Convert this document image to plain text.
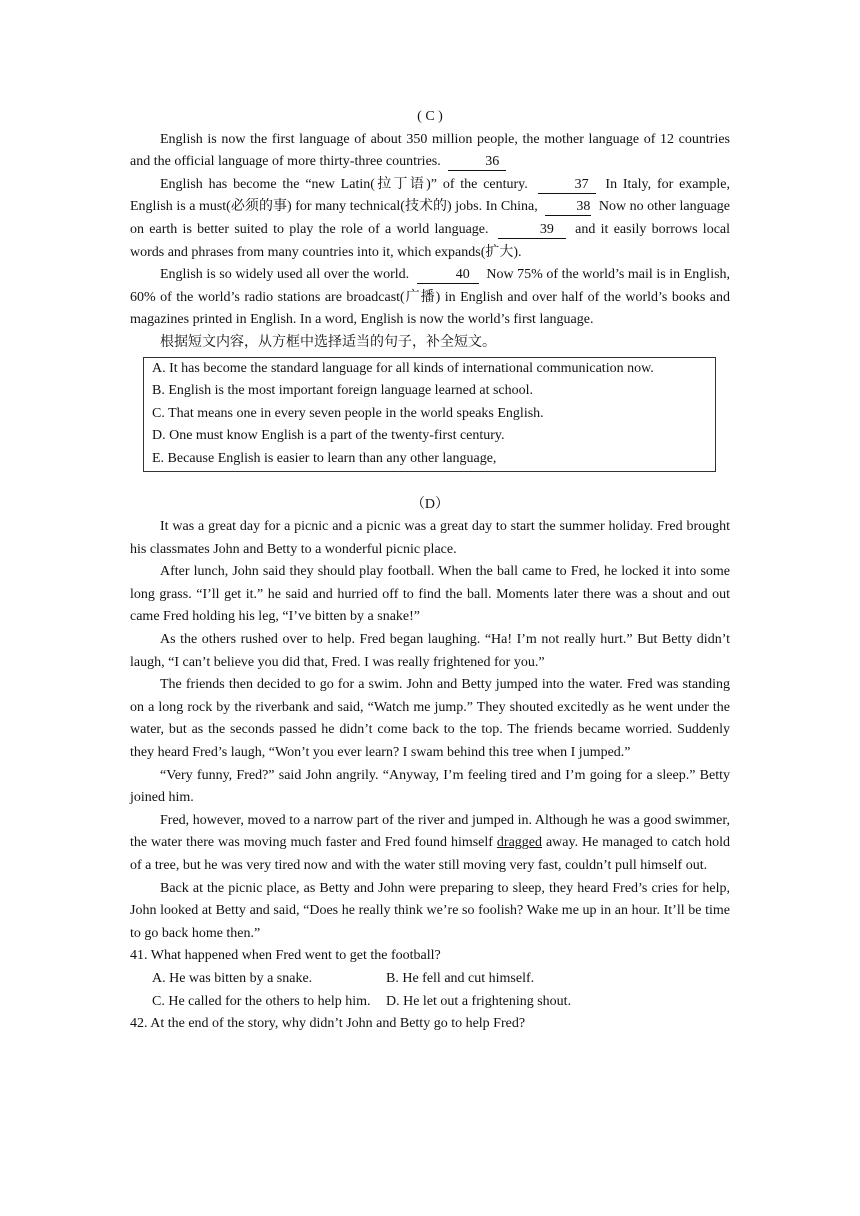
( C )

English is now the first language of about 350 million people, the mother language of 12 countries and the official language of more thirty-three countries.	36

English has become the “new Latin(拉丁语)” of the century.	37 In Italy, for example, English is a must(必须的事) for many technical(技术的) jobs. In China,	38 Now no other language on earth is better suited to play the role of a world language.	39 and it easily borrows local words and phrases from many countries into it, which expands(扩大).

English is so widely used all over the world.	40 Now 75% of the world’s mail is in English, 60% of the world’s radio stations are broadcast(广播) in English and over half of the world’s books and magazines printed in English. In a word, English is now the world’s first language.

根据短文内容，从方框中选择适当的句子，补全短文。

A. It has become the standard language for all kinds of international communication now.
B. English is the most important foreign language learned at school.
C. That means one in every seven people in the world speaks English.
D. One must know English is a part of the twenty-first century.
E. Because English is easier to learn than any other language,
（D）

It was a great day for a picnic and a picnic was a great day to start the summer holiday. Fred brought his classmates John and Betty to a wonderful picnic place.

After lunch, John said they should play football. When the ball came to Fred, he locked it into some long grass. “I’ll get it.” he said and hurried off to find the ball. Moments later there was a shout and out came Fred holding his leg, “I’ve bitten by a snake!”

As the others rushed over to help. Fred began laughing. “Ha! I’m not really hurt.” But Betty didn’t laugh, “I can’t believe you did that, Fred. I was really frightened for you.”

The friends then decided to go for a swim. John and Betty jumped into the water. Fred was standing on a long rock by the riverbank and said, “Watch me jump.” They shouted excitedly as he went under the water, but as the seconds passed he didn’t come back to the top. The friends became worried. Suddenly they heard Fred’s laugh, “Won’t you ever learn? I swam behind this tree when I jumped.”

“Very funny, Fred?” said John angrily. “Anyway, I’m feeling tired and I’m going for a sleep.” Betty joined him.

Fred, however, moved to a narrow part of the river and jumped in. Although he was a good swimmer, the water there was moving much faster and Fred found himself dragged away. He managed to catch hold of a tree, but he was very tired now and with the water still moving very fast, couldn’t pull himself out.

Back at the picnic place, as Betty and John were preparing to sleep, they heard Fred’s cries for help, John looked at Betty and said, “Does he really think we’re so foolish? Wake me up in an hour. It’ll be time to go back home then.”

41. What happened when Fred went to get the football?

A. He was bitten by a snake.	B. He fell and cut himself.
C. He called for the others to help him. D. He let out a frightening shout.

42. At the end of the story, why didn’t John and Betty go to help Fred?
